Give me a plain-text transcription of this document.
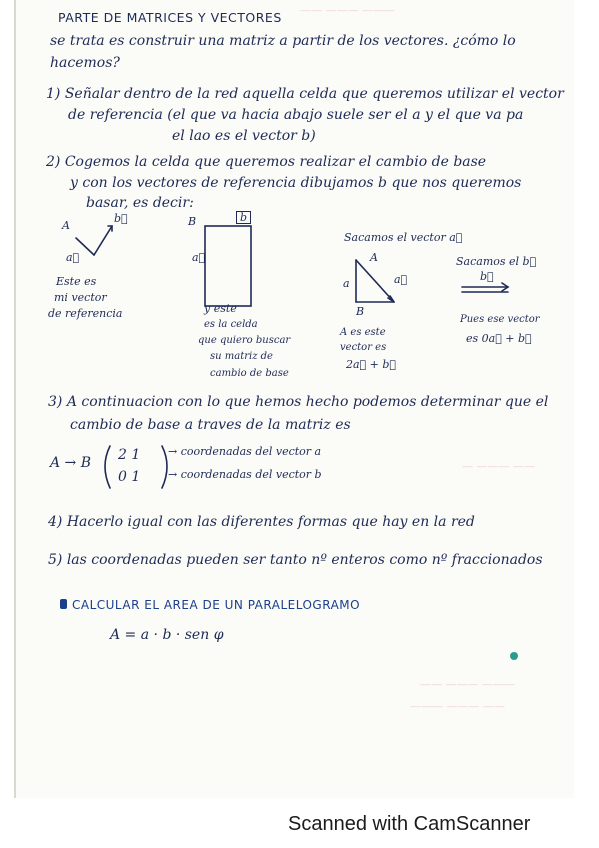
—— ——— ———
— ——— ——
—— ——— ———
——— ——— ——
PARTE DE MATRICES Y VECTORES
se trata es construir una matriz a partir de los vectores. ¿cómo lo
hacemos?
1) Señalar dentro de la red aquella celda que queremos utilizar el vector
de referencia (el que va hacia abajo suele ser el a y el que va pa
el lao es el vector b)
2) Cogemos la celda que queremos realizar el cambio de base
y con los vectores de referencia dibujamos b que nos queremos
basar, es decir:
A
b⃗
a⃗
Este es
mi vector
de referencia
B	b
a⃗
y este
es la celda
que quiero buscar
su matriz de
cambio de base
Sacamos el vector a⃗
A
a	a⃗
B
A es este
vector es
2a⃗ + b⃗
Sacamos el b⃗
b⃗
Pues ese vector
es 0a⃗ + b⃗
3) A continuacion con lo que hemos hecho podemos determinar que el
cambio de base a traves de la matriz es
A → B 2 1
0 1
→ coordenadas del vector a
→ coordenadas del vector b
4) Hacerlo igual con las diferentes formas que hay en la red
5) las coordenadas pueden ser tanto nº enteros como nº fraccionados
CALCULAR EL AREA DE UN PARALELOGRAMO
A = a · b · sen φ
Scanned with CamScanner
